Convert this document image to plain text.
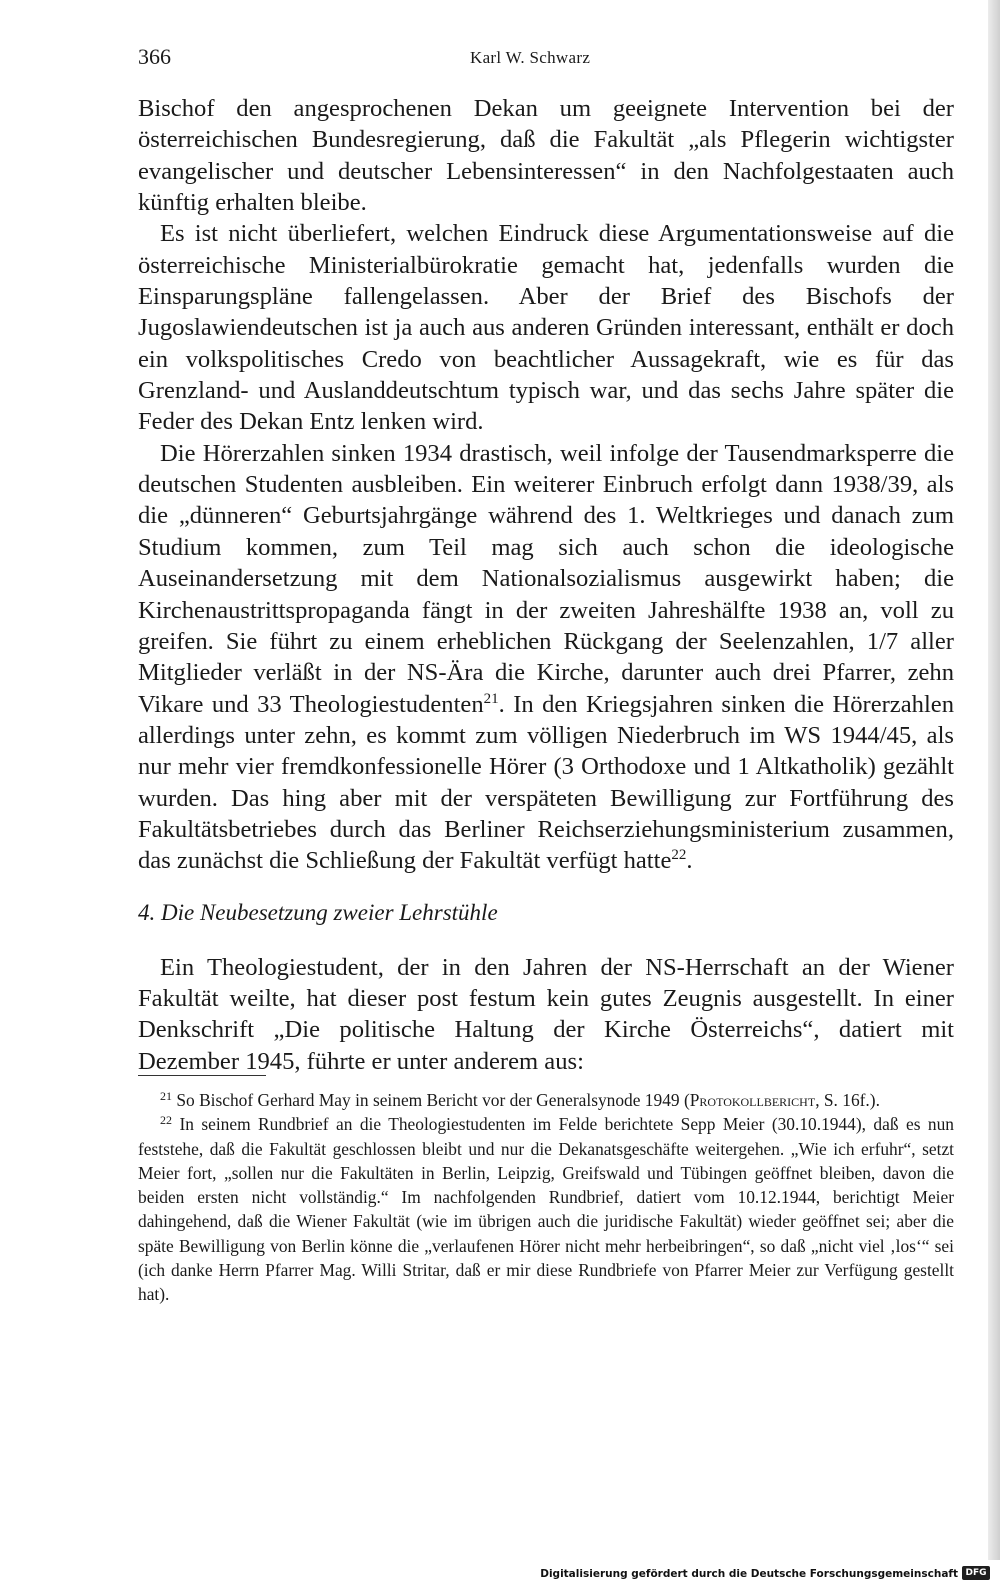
366	Karl W. Schwarz

Bischof den angesprochenen Dekan um geeignete Intervention bei der österreichischen Bundesregierung, daß die Fakultät „als Pflegerin wichtigster evangelischer und deutscher Lebensinteressen“ in den Nachfolgestaaten auch künftig erhalten bleibe.

Es ist nicht überliefert, welchen Eindruck diese Argumentationsweise auf die österreichische Ministerialbürokratie gemacht hat, jedenfalls wurden die Einsparungspläne fallengelassen. Aber der Brief des Bischofs der Jugoslawiendeutschen ist ja auch aus anderen Gründen interessant, enthält er doch ein volkspolitisches Credo von beachtlicher Aussagekraft, wie es für das Grenzland- und Auslanddeutschtum typisch war, und das sechs Jahre später die Feder des Dekan Entz lenken wird.

Die Hörerzahlen sinken 1934 drastisch, weil infolge der Tausendmarksperre die deutschen Studenten ausbleiben. Ein weiterer Einbruch erfolgt dann 1938/39, als die „dünneren“ Geburtsjahrgänge während des 1. Weltkrieges und danach zum Studium kommen, zum Teil mag sich auch schon die ideologische Auseinandersetzung mit dem Nationalsozialismus ausgewirkt haben; die Kirchenaustrittspropaganda fängt in der zweiten Jahreshälfte 1938 an, voll zu greifen. Sie führt zu einem erheblichen Rückgang der Seelenzahlen, 1/7 aller Mitglieder verläßt in der NS-Ära die Kirche, darunter auch drei Pfarrer, zehn Vikare und 33 Theologiestudenten$^{21}$. In den Kriegsjahren sinken die Hörerzahlen allerdings unter zehn, es kommt zum völligen Niederbruch im WS 1944/45, als nur mehr vier fremdkonfessionelle Hörer (3 Orthodoxe und 1 Altkatholik) gezählt wurden. Das hing aber mit der verspäteten Bewilligung zur Fortführung des Fakultätsbetriebes durch das Berliner Reichserziehungsministerium zusammen, das zunächst die Schließung der Fakultät verfügt hatte$^{22}$.

4. Die Neubesetzung zweier Lehrstühle

Ein Theologiestudent, der in den Jahren der NS-Herrschaft an der Wiener Fakultät weilte, hat dieser post festum kein gutes Zeugnis ausgestellt. In einer Denkschrift „Die politische Haltung der Kirche Österreichs“, datiert mit Dezember 1945, führte er unter anderem aus:

$^{21}$ So Bischof Gerhard May in seinem Bericht vor der Generalsynode 1949 (Protokollbericht, S. 16f.).

$^{22}$ In seinem Rundbrief an die Theologiestudenten im Felde berichtete Sepp Meier (30.10.1944), daß es nun feststehe, daß die Fakultät geschlossen bleibt und nur die Dekanatsgeschäfte weitergehen. „Wie ich erfuhr“, setzt Meier fort, „sollen nur die Fakultäten in Berlin, Leipzig, Greifswald und Tübingen geöffnet bleiben, davon die beiden ersten nicht vollständig.“ Im nachfolgenden Rundbrief, datiert vom 10.12.1944, berichtigt Meier dahingehend, daß die Wiener Fakultät (wie im übrigen auch die juridische Fakultät) wieder geöffnet sei; aber die späte Bewilligung von Berlin könne die „verlaufenen Hörer nicht mehr herbeibringen“, so daß „nicht viel ‚los‘“ sei (ich danke Herrn Pfarrer Mag. Willi Stritar, daß er mir diese Rundbriefe von Pfarrer Meier zur Verfügung gestellt hat).

Digitalisierung gefördert durch die Deutsche Forschungsgemeinschaft DFG
